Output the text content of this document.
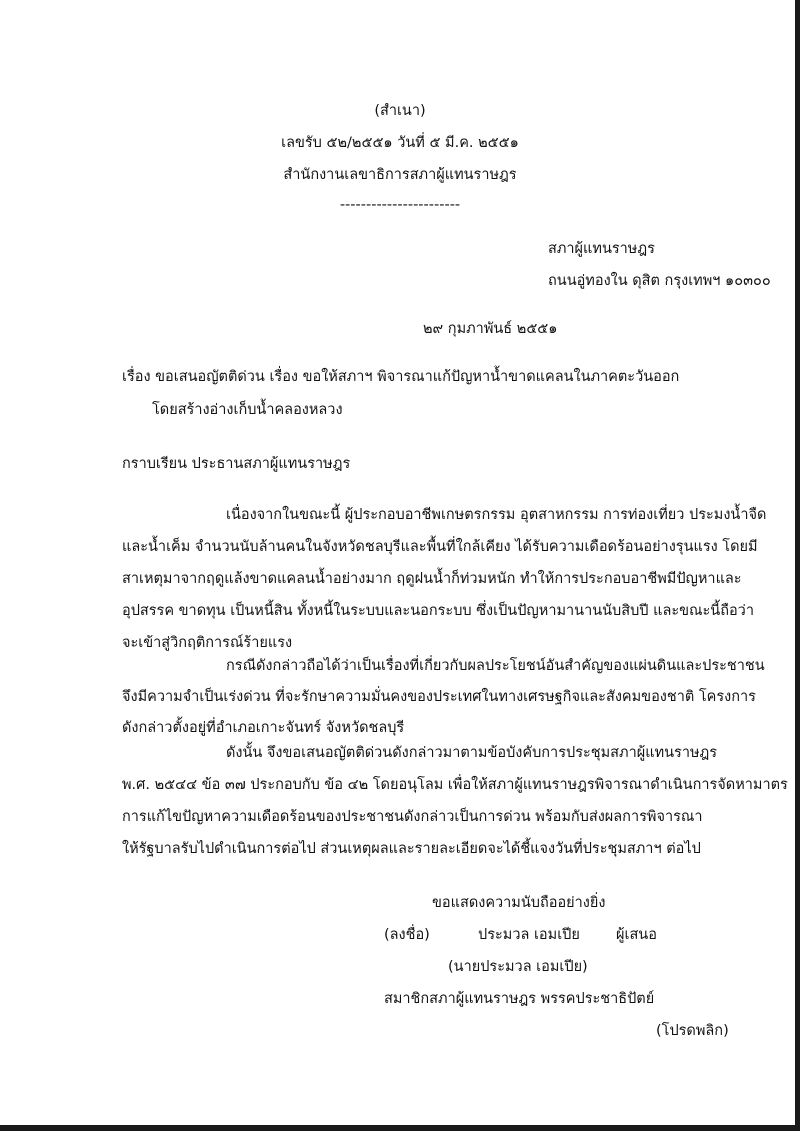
(สำเนา)
เลขรับ ๕๒/๒๕๕๑ วันที่ ๕ มี.ค. ๒๕๕๑
สำนักงานเลขาธิการสภาผู้แทนราษฎร
-----------------------
สภาผู้แทนราษฎร
ถนนอู่ทองใน ดุสิต กรุงเทพฯ ๑๐๓๐๐
๒๙ กุมภาพันธ์ ๒๕๕๑
เรื่อง ขอเสนอญัตติด่วน เรื่อง ขอให้สภาฯ พิจารณาแก้ปัญหาน้ำขาดแคลนในภาคตะวันออก
โดยสร้างอ่างเก็บน้ำคลองหลวง
กราบเรียน ประธานสภาผู้แทนราษฎร
เนื่องจากในขณะนี้ ผู้ประกอบอาชีพเกษตรกรรม อุตสาหกรรม การท่องเที่ยว ประมงน้ำจืด
และน้ำเค็ม จำนวนนับล้านคนในจังหวัดชลบุรีและพื้นที่ใกล้เคียง ได้รับความเดือดร้อนอย่างรุนแรง โดยมี
สาเหตุมาจากฤดูแล้งขาดแคลนน้ำอย่างมาก ฤดูฝนน้ำก็ท่วมหนัก ทำให้การประกอบอาชีพมีปัญหาและ
อุปสรรค ขาดทุน เป็นหนี้สิน ทั้งหนี้ในระบบและนอกระบบ ซึ่งเป็นปัญหามานานนับสิบปี และขณะนี้ถือว่า
จะเข้าสู่วิกฤติการณ์ร้ายแรง
กรณีดังกล่าวถือได้ว่าเป็นเรื่องที่เกี่ยวกับผลประโยชน์อันสำคัญของแผ่นดินและประชาชน
จึงมีความจำเป็นเร่งด่วน ที่จะรักษาความมั่นคงของประเทศในทางเศรษฐกิจและสังคมของชาติ โครงการ
ดังกล่าวตั้งอยู่ที่อำเภอเกาะจันทร์ จังหวัดชลบุรี
ดังนั้น จึงขอเสนอญัตติด่วนดังกล่าวมาตามข้อบังคับการประชุมสภาผู้แทนราษฎร
พ.ศ. ๒๕๔๔ ข้อ ๓๗ ประกอบกับ ข้อ ๔๒ โดยอนุโลม เพื่อให้สภาผู้แทนราษฎรพิจารณาดำเนินการจัดหามาตร
การแก้ไขปัญหาความเดือดร้อนของประชาชนดังกล่าวเป็นการด่วน พร้อมกับส่งผลการพิจารณา
ให้รัฐบาลรับไปดำเนินการต่อไป ส่วนเหตุผลและรายละเอียดจะได้ชี้แจงวันที่ประชุมสภาฯ ต่อไป
ขอแสดงความนับถืออย่างยิ่ง
(ลงชื่อ)	ประมวล เอมเปีย ผู้เสนอ
(นายประมวล เอมเปีย)
สมาชิกสภาผู้แทนราษฎร พรรคประชาธิปัตย์
(โปรดพลิก)
